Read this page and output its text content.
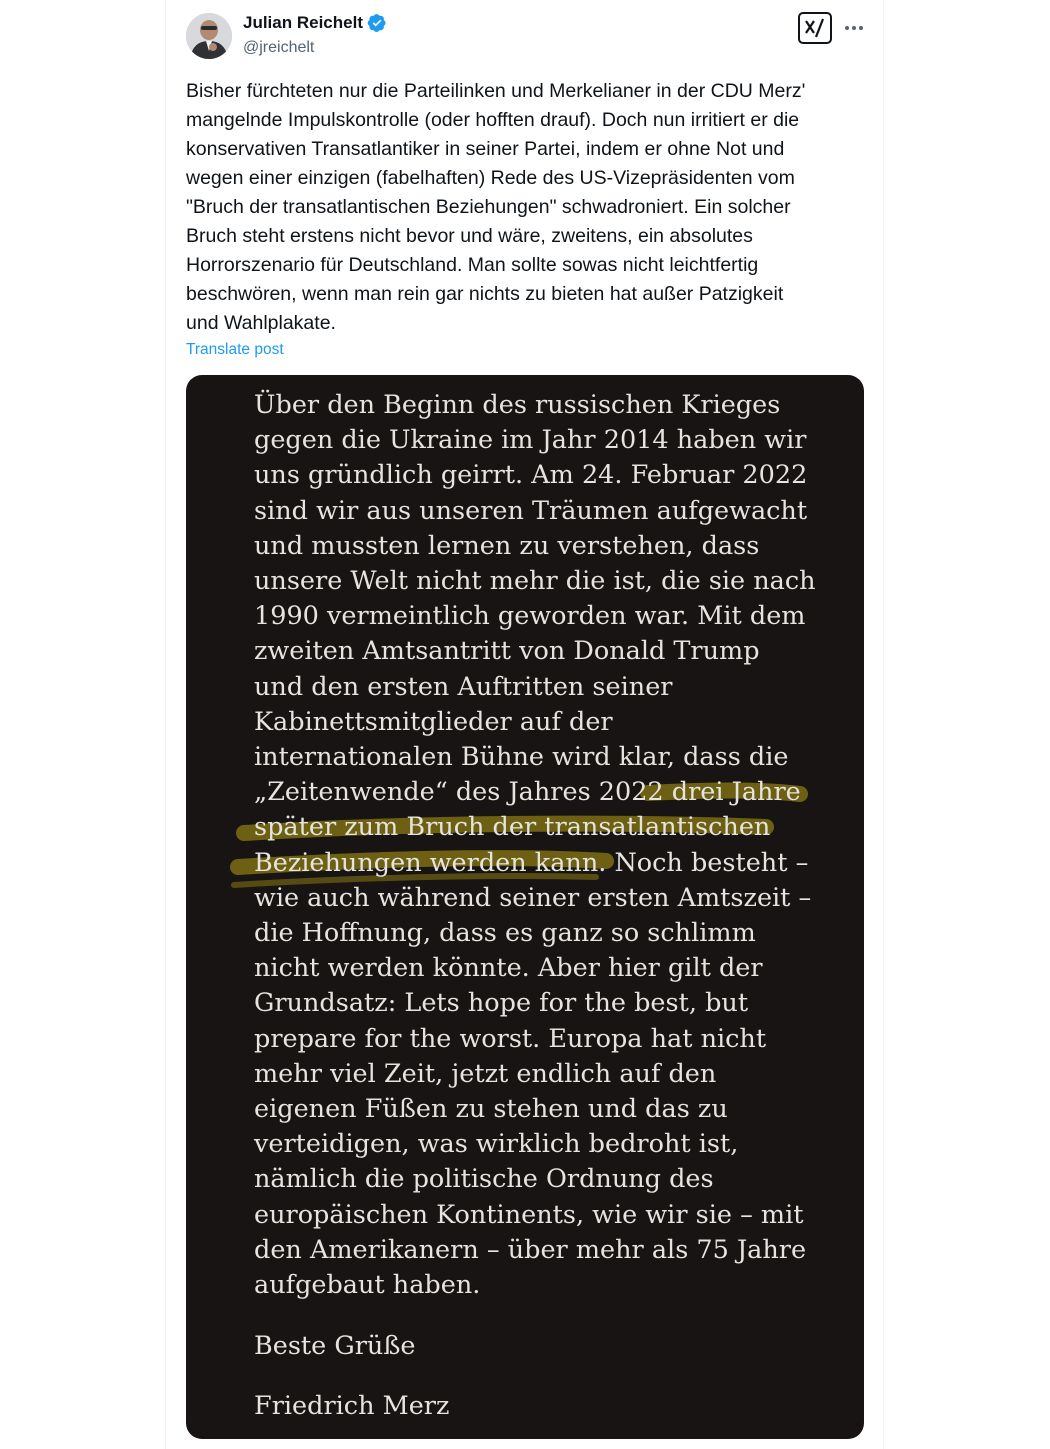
Julian Reichelt
@jreichelt
Bisher fürchteten nur die Parteilinken und Merkelianer in der CDU Merz'
mangelnde Impulskontrolle (oder hofften drauf). Doch nun irritiert er die
konservativen Transatlantiker in seiner Partei, indem er ohne Not und
wegen einer einzigen (fabelhaften) Rede des US-Vizepräsidenten vom
"Bruch der transatlantischen Beziehungen" schwadroniert. Ein solcher
Bruch steht erstens nicht bevor und wäre, zweitens, ein absolutes
Horrorszenario für Deutschland. Man sollte sowas nicht leichtfertig
beschwören, wenn man rein gar nichts zu bieten hat außer Patzigkeit
und Wahlplakate.
Translate post

Über den Beginn des russischen Krieges
gegen die Ukraine im Jahr 2014 haben wir
uns gründlich geirrt. Am 24. Februar 2022
sind wir aus unseren Träumen aufgewacht
und mussten lernen zu verstehen, dass
unsere Welt nicht mehr die ist, die sie nach
1990 vermeintlich geworden war. Mit dem
zweiten Amtsantritt von Donald Trump
und den ersten Auftritten seiner
Kabinettsmitglieder auf der
internationalen Bühne wird klar, dass die
„Zeitenwende“ des Jahres 2022 drei Jahre
später zum Bruch der transatlantischen
Beziehungen werden kann. Noch besteht –
wie auch während seiner ersten Amtszeit –
die Hoffnung, dass es ganz so schlimm
nicht werden könnte. Aber hier gilt der
Grundsatz: Lets hope for the best, but
prepare for the worst. Europa hat nicht
mehr viel Zeit, jetzt endlich auf den
eigenen Füßen zu stehen und das zu
verteidigen, was wirklich bedroht ist,
nämlich die politische Ordnung des
europäischen Kontinents, wie wir sie – mit
den Amerikanern – über mehr als 75 Jahre
aufgebaut haben.

Beste Grüße
Friedrich Merz
